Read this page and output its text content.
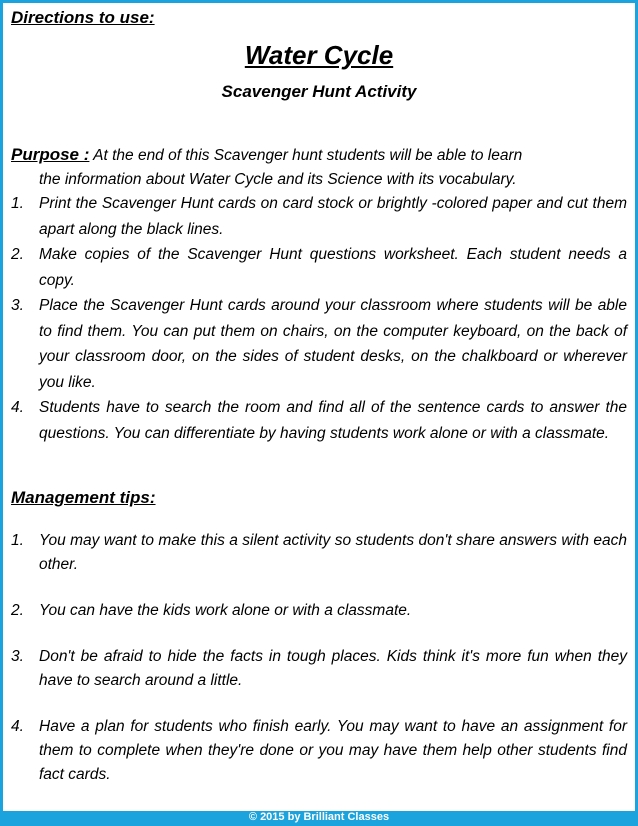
Directions to use:
Water Cycle
Scavenger Hunt Activity
Purpose : At the end of this Scavenger hunt students will be able to learn
the information about Water Cycle and its Science with its vocabulary.
1. Print the Scavenger Hunt cards on card stock or brightly -colored paper and cut them apart along the black lines.
2. Make copies of the Scavenger Hunt questions worksheet. Each student needs a copy.
3. Place the Scavenger Hunt cards around your classroom where students will be able to find them. You can put them on chairs, on the computer keyboard, on the back of your classroom door, on the sides of student desks, on the chalkboard or wherever you like.
4. Students have to search the room and find all of the sentence cards to answer the questions. You can differentiate by having students work alone or with a classmate.
Management tips:
1. You may want to make this a silent activity so students don't share answers with each other.
2. You can have the kids work alone or with a classmate.
3. Don't be afraid to hide the facts in tough places. Kids think it's more fun when they have to search around a little.
4. Have a plan for students who finish early. You may want to have an assignment for them to complete when they're done or you may have them help other students find fact cards.
© 2015 by Brilliant Classes
